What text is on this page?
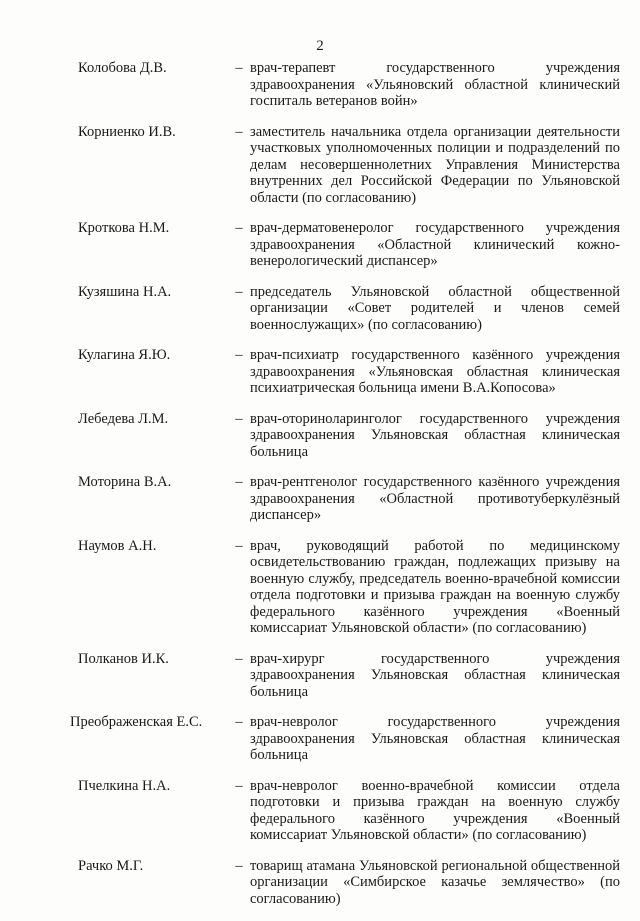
2
Колобова Д.В.	– врач-терапевт государственного учреждения здравоохранения «Ульяновский областной клинический госпиталь ветеранов войн»
Корниенко И.В.	– заместитель начальника отдела организации деятельности участковых уполномоченных полиции и подразделений по делам несовершеннолетних Управления Министерства внутренних дел Российской Федерации по Ульяновской области (по согласованию)
Кроткова Н.М.	– врач-дерматовенеролог государственного учреждения здравоохранения «Областной клинический кожно-венерологический диспансер»
Кузяшина Н.А.	– председатель Ульяновской областной общественной организации «Совет родителей и членов семей военнослужащих» (по согласованию)
Кулагина Я.Ю.	– врач-психиатр государственного казённого учреждения здравоохранения «Ульяновская областная клиническая психиатрическая больница имени В.А.Копосова»
Лебедева Л.М.	– врач-оториноларинголог государственного учреждения здравоохранения Ульяновская областная клиническая больница
Моторина В.А.	– врач-рентгенолог государственного казённого учреждения здравоохранения «Областной противотуберкулёзный диспансер»
Наумов А.Н.	– врач, руководящий работой по медицинскому освидетельствованию граждан, подлежащих призыву на военную службу, председатель военно-врачебной комиссии отдела подготовки и призыва граждан на военную службу федерального казённого учреждения «Военный комиссариат Ульяновской области» (по согласованию)
Полканов И.К.	– врач-хирург государственного учреждения здравоохранения Ульяновская областная клиническая больница
Преображенская Е.С.	– врач-невролог государственного учреждения здравоохранения Ульяновская областная клиническая больница
Пчелкина Н.А.	– врач-невролог военно-врачебной комиссии отдела подготовки и призыва граждан на военную службу федерального казённого учреждения «Военный комиссариат Ульяновской области» (по согласованию)
Рачко М.Г.	– товарищ атамана Ульяновской региональной общественной организации «Симбирское казачье землячество» (по согласованию)
